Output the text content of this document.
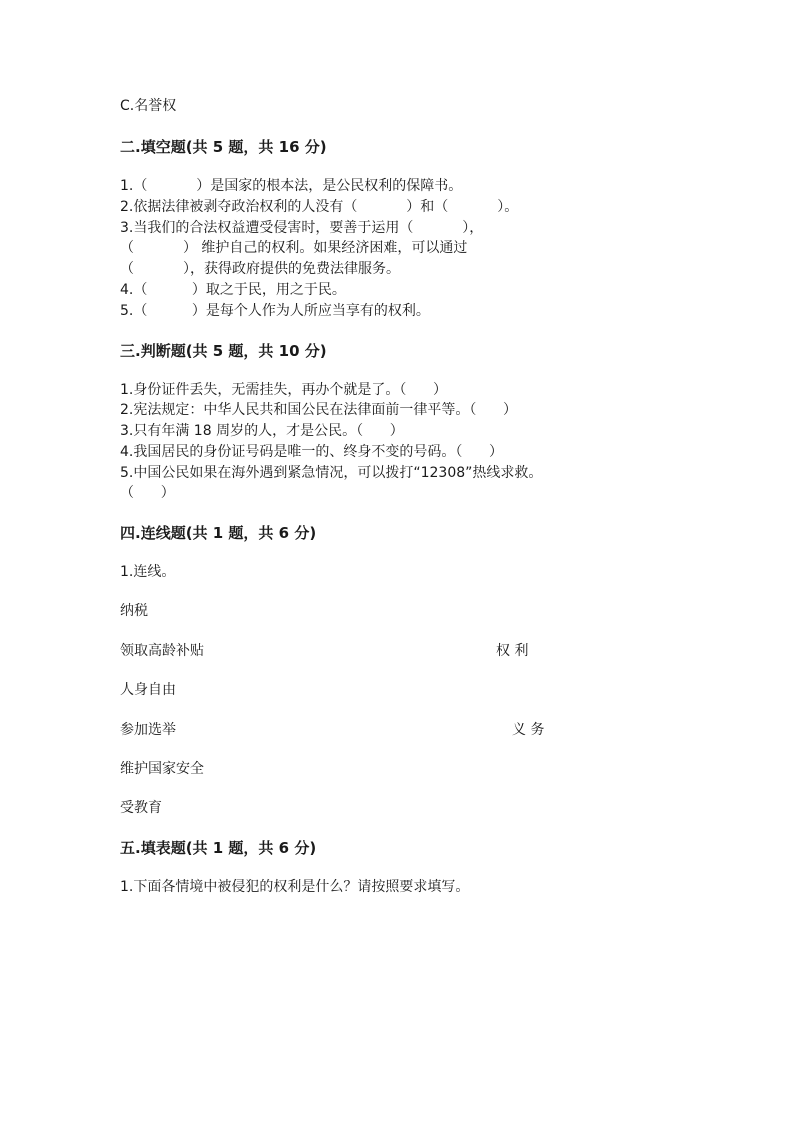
C.名誉权
二.填空题(共 5 题，共 16 分)
1.（           ）是国家的根本法，是公民权利的保障书。
2.依据法律被剥夺政治权利的人没有（           ）和（           ）。
3.当我们的合法权益遭受侵害时，要善于运用（           ），
（           ） 维护自己的权利。如果经济困难，可以通过
（           ），获得政府提供的免费法律服务。
4.（          ）取之于民，用之于民。
5.（          ）是每个人作为人所应当享有的权利。
三.判断题(共 5 题，共 10 分)
1.身份证件丢失，无需挂失，再办个就是了。（      ）
2.宪法规定：中华人民共和国公民在法律面前一律平等。（      ）
3.只有年满 18 周岁的人，才是公民。（      ）
4.我国居民的身份证号码是唯一的、终身不变的号码。（      ）
5.中国公民如果在海外遇到紧急情况，可以拨打“12308”热线求救。
（      ）
四.连线题(共 1 题，共 6 分)
1.连线。
纳税
领取高龄补贴	权 利
人身自由
参加选举	义 务
维护国家安全
受教育
五.填表题(共 1 题，共 6 分)
1.下面各情境中被侵犯的权利是什么？请按照要求填写。
